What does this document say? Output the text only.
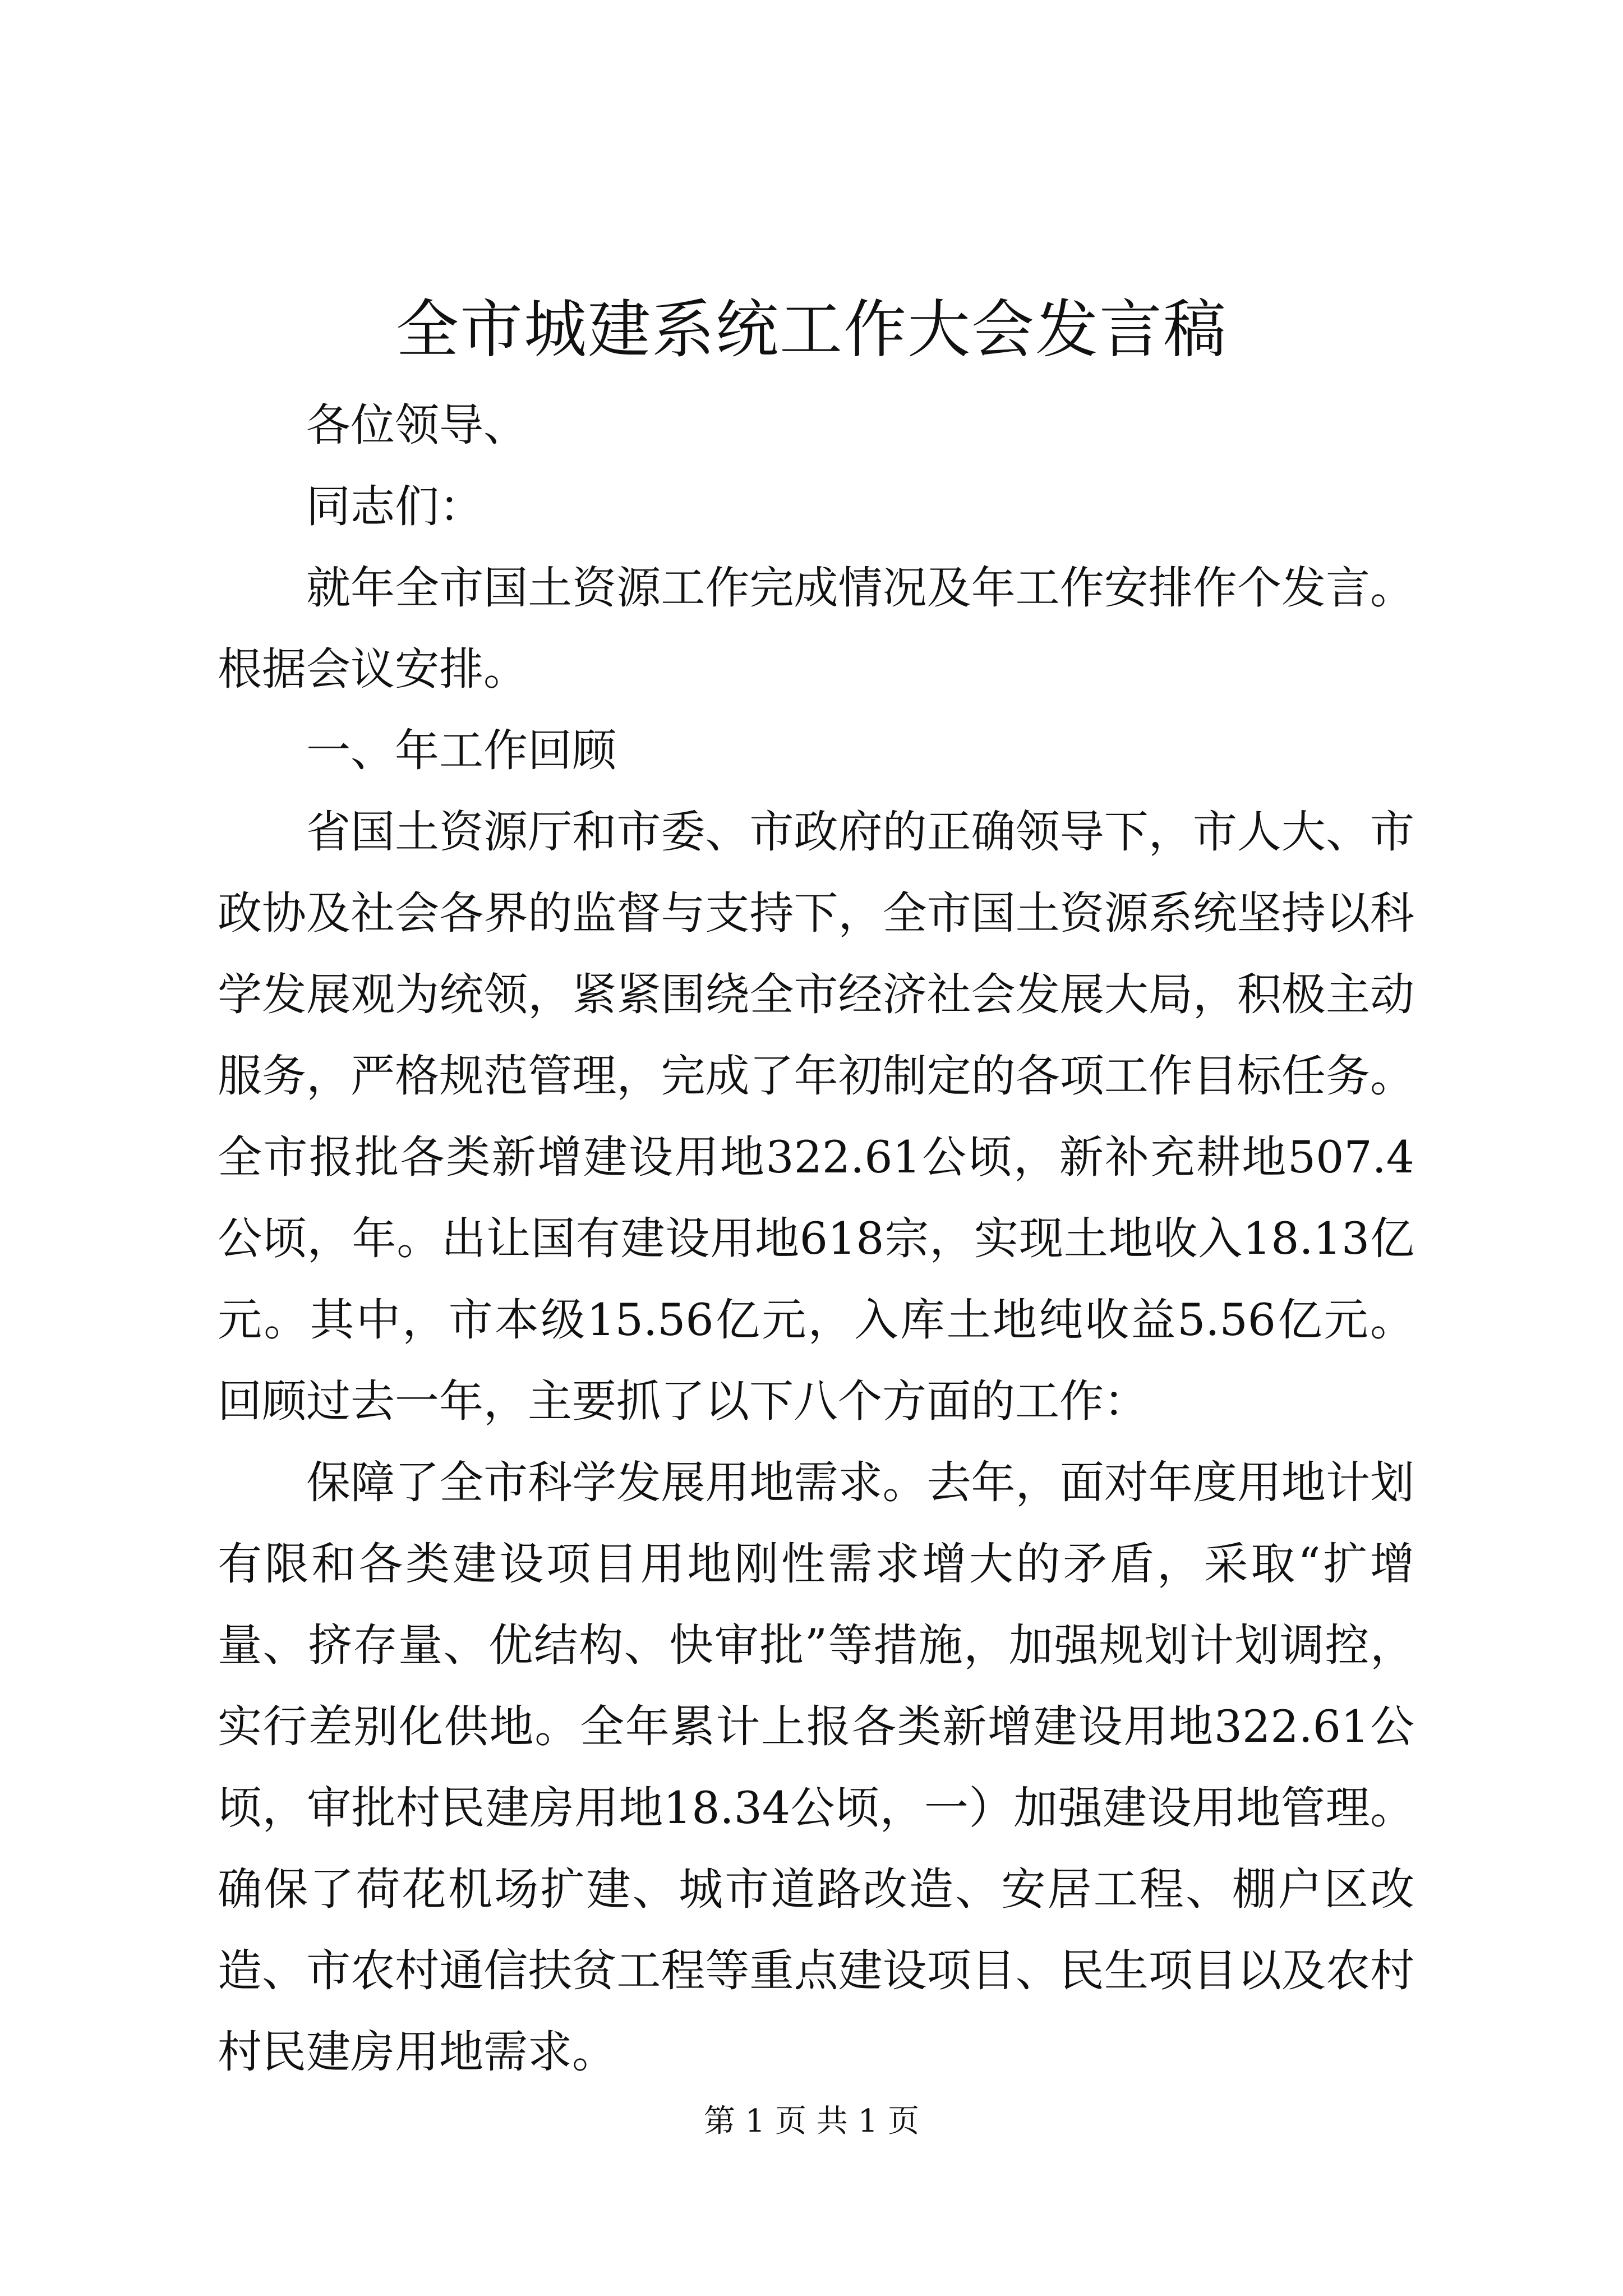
全市城建系统工作大会发言稿

各位领导、

同志们：

就年全市国土资源工作完成情况及年工作安排作个发言。根据会议安排。

一、年工作回顾

省国土资源厅和市委、市政府的正确领导下，市人大、市政协及社会各界的监督与支持下，全市国土资源系统坚持以科学发展观为统领，紧紧围绕全市经济社会发展大局，积极主动服务，严格规范管理，完成了年初制定的各项工作目标任务。全市报批各类新增建设用地322.61公顷，新补充耕地507.4公顷，年。出让国有建设用地618宗，实现土地收入18.13亿元。其中，市本级15.56亿元，入库土地纯收益5.56亿元。回顾过去一年，主要抓了以下八个方面的工作：

保障了全市科学发展用地需求。去年，面对年度用地计划有限和各类建设项目用地刚性需求增大的矛盾，采取“扩增量、挤存量、优结构、快审批”等措施，加强规划计划调控，实行差别化供地。全年累计上报各类新增建设用地322.61公顷，审批村民建房用地18.34公顷，一）加强建设用地管理。确保了荷花机场扩建、城市道路改造、安居工程、棚户区改造、市农村通信扶贫工程等重点建设项目、民生项目以及农村村民建房用地需求。

第 1 页 共 1 页
